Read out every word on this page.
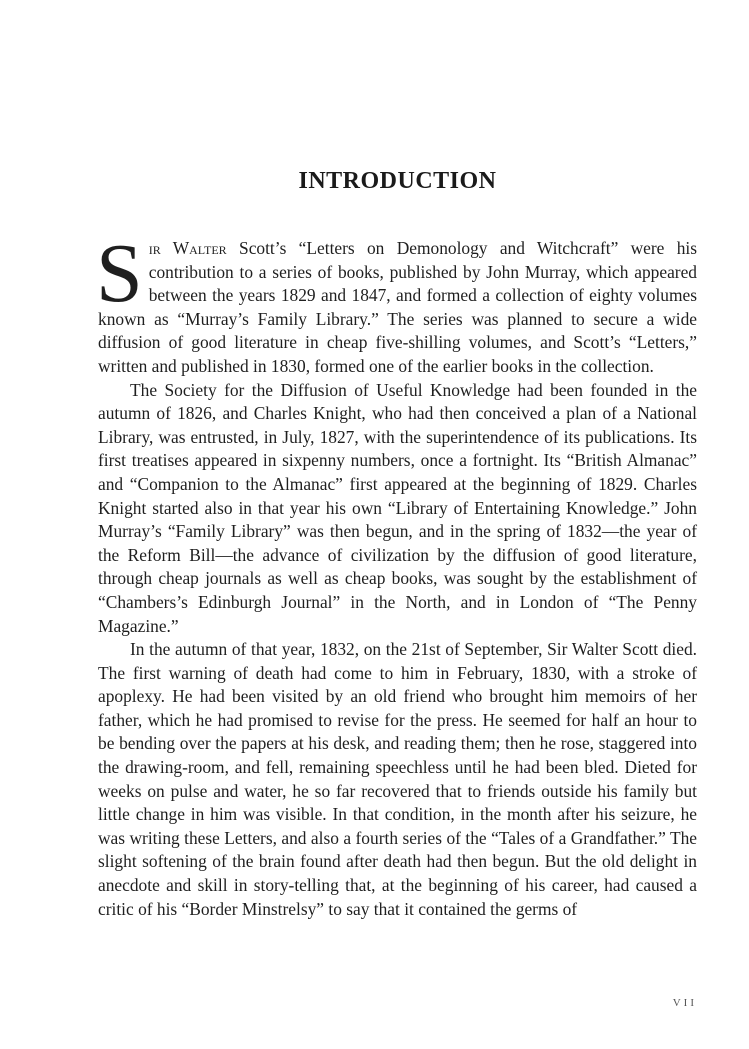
INTRODUCTION

Sir Walter Scott’s “Letters on Demonology and Witchcraft” were his contribution to a series of books, published by John Murray, which appeared between the years 1829 and 1847, and formed a collection of eighty volumes known as “Murray’s Family Library.” The series was planned to secure a wide diffusion of good literature in cheap five-shilling volumes, and Scott’s “Letters,” written and published in 1830, formed one of the earlier books in the collection.

The Society for the Diffusion of Useful Knowledge had been founded in the autumn of 1826, and Charles Knight, who had then conceived a plan of a National Library, was entrusted, in July, 1827, with the superintendence of its publications. Its first treatises appeared in sixpenny numbers, once a fortnight. Its “British Almanac” and “Companion to the Almanac” first appeared at the beginning of 1829. Charles Knight started also in that year his own “Library of Entertaining Knowledge.” John Murray’s “Family Library” was then begun, and in the spring of 1832—the year of the Reform Bill—the advance of civilization by the diffusion of good literature, through cheap journals as well as cheap books, was sought by the establishment of “Chambers’s Edinburgh Journal” in the North, and in London of “The Penny Magazine.”

In the autumn of that year, 1832, on the 21st of September, Sir Walter Scott died. The first warning of death had come to him in February, 1830, with a stroke of apoplexy. He had been visited by an old friend who brought him memoirs of her father, which he had promised to revise for the press. He seemed for half an hour to be bending over the papers at his desk, and reading them; then he rose, staggered into the drawing-room, and fell, remaining speechless until he had been bled. Dieted for weeks on pulse and water, he so far recovered that to friends outside his family but little change in him was visible. In that condition, in the month after his seizure, he was writing these Letters, and also a fourth series of the “Tales of a Grandfather.” The slight softening of the brain found after death had then begun. But the old delight in anecdote and skill in story-telling that, at the beginning of his career, had caused a critic of his “Border Minstrelsy” to say that it contained the germs of

VII
